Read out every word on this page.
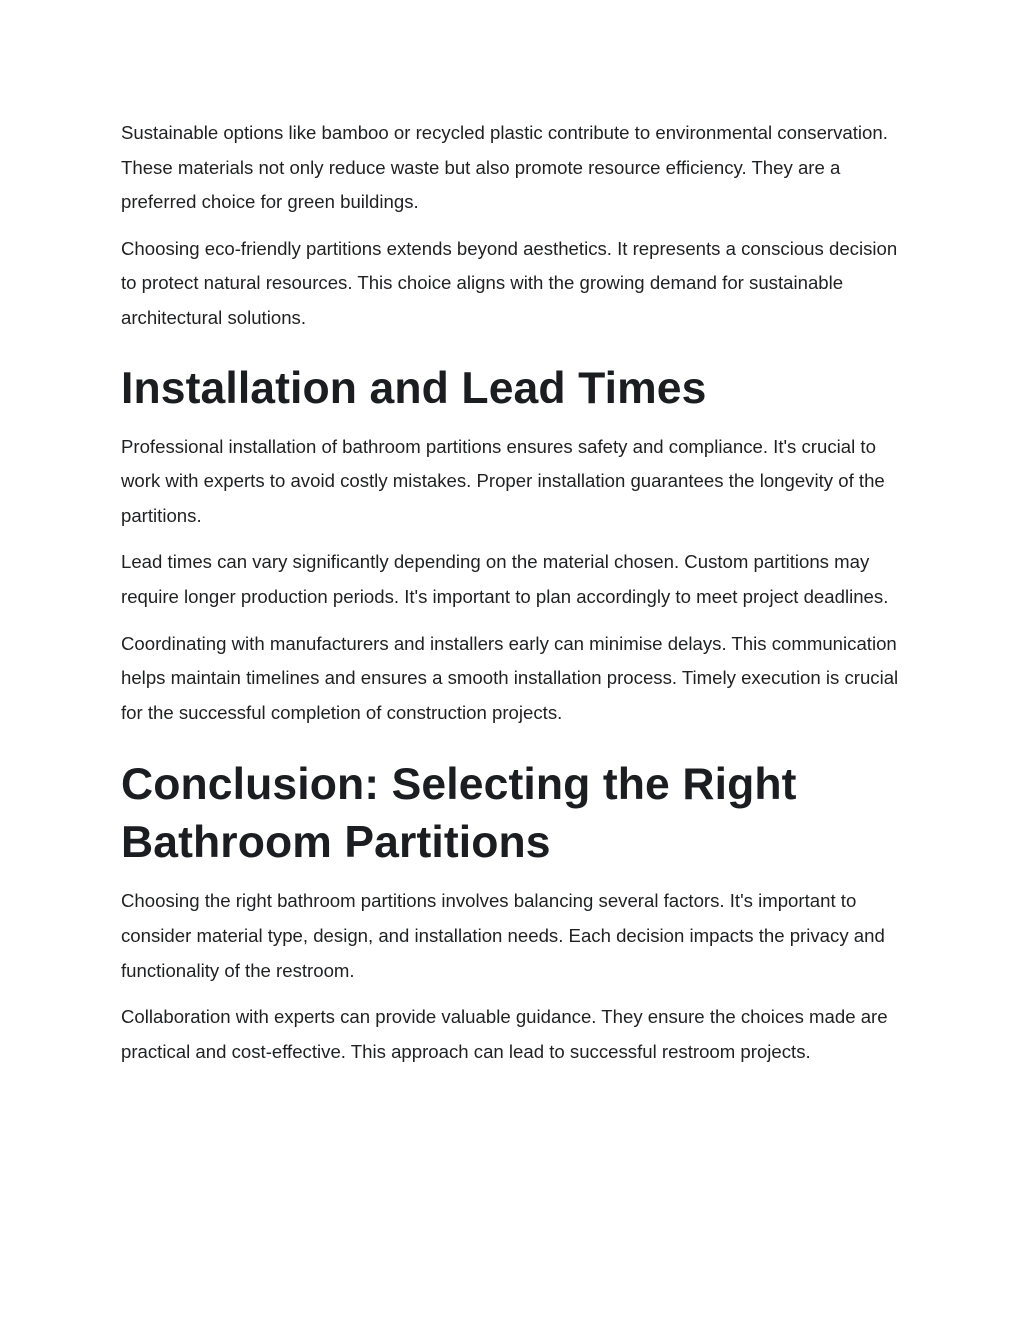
Sustainable options like bamboo or recycled plastic contribute to environmental conservation. These materials not only reduce waste but also promote resource efficiency. They are a preferred choice for green buildings.

Choosing eco-friendly partitions extends beyond aesthetics. It represents a conscious decision to protect natural resources. This choice aligns with the growing demand for sustainable architectural solutions.

Installation and Lead Times

Professional installation of bathroom partitions ensures safety and compliance. It's crucial to work with experts to avoid costly mistakes. Proper installation guarantees the longevity of the partitions.

Lead times can vary significantly depending on the material chosen. Custom partitions may require longer production periods. It's important to plan accordingly to meet project deadlines.

Coordinating with manufacturers and installers early can minimise delays. This communication helps maintain timelines and ensures a smooth installation process. Timely execution is crucial for the successful completion of construction projects.

Conclusion: Selecting the Right Bathroom Partitions

Choosing the right bathroom partitions involves balancing several factors. It's important to consider material type, design, and installation needs. Each decision impacts the privacy and functionality of the restroom.

Collaboration with experts can provide valuable guidance. They ensure the choices made are practical and cost-effective. This approach can lead to successful restroom projects.
